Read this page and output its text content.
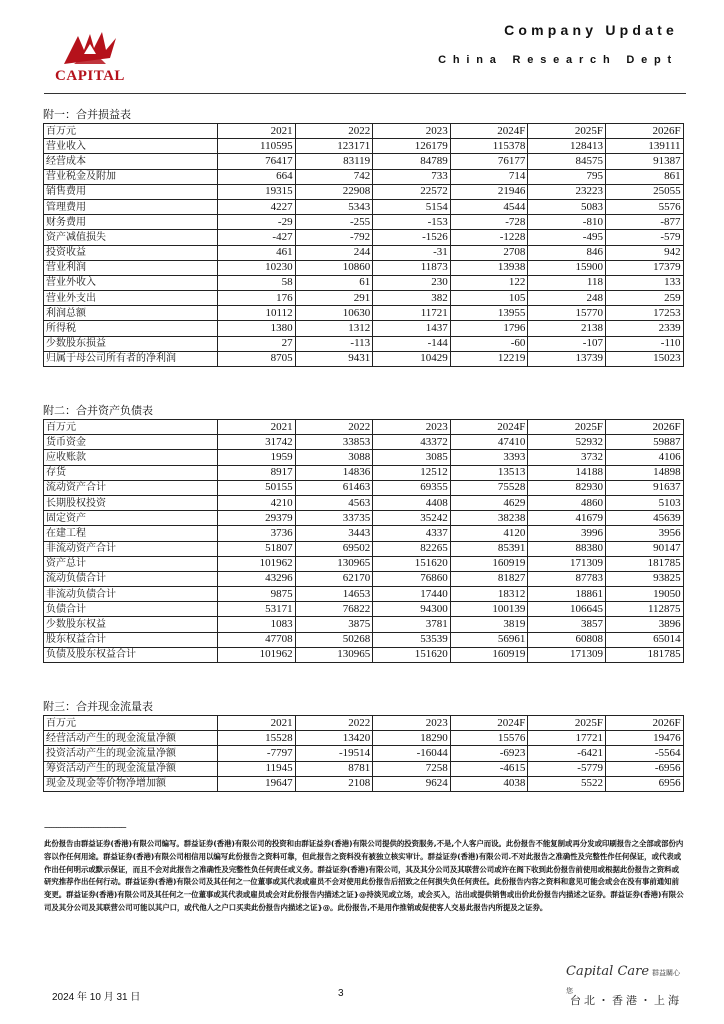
CAPITAL
Company Update
China Research Dept
附一：合并损益表
百万元	2021	2022	2023	2024F	2025F	2026F
营业收入	110595	123171	126179	115378	128413	139111
经营成本	76417	83119	84789	76177	84575	91387
营业税金及附加	664	742	733	714	795	861
销售费用	19315	22908	22572	21946	23223	25055
管理费用	4227	5343	5154	4544	5083	5576
财务费用	-29	-255	-153	-728	-810	-877
资产减值损失	-427	-792	-1526	-1228	-495	-579
投资收益	461	244	-31	2708	846	942
营业利润	10230	10860	11873	13938	15900	17379
营业外收入	58	61	230	122	118	133
营业外支出	176	291	382	105	248	259
利润总额	10112	10630	11721	13955	15770	17253
所得税	1380	1312	1437	1796	2138	2339
少数股东损益	27	-113	-144	-60	-107	-110
归属于母公司所有者的净利润	8705	9431	10429	12219	13739	15023
附二：合并资产负债表
百万元	2021	2022	2023	2024F	2025F	2026F
货币资金	31742	33853	43372	47410	52932	59887
应收账款	1959	3088	3085	3393	3732	4106
存货	8917	14836	12512	13513	14188	14898
流动资产合计	50155	61463	69355	75528	82930	91637
长期股权投资	4210	4563	4408	4629	4860	5103
固定资产	29379	33735	35242	38238	41679	45639
在建工程	3736	3443	4337	4120	3996	3956
非流动资产合计	51807	69502	82265	85391	88380	90147
资产总计	101962	130965	151620	160919	171309	181785
流动负债合计	43296	62170	76860	81827	87783	93825
非流动负债合计	9875	14653	17440	18312	18861	19050
负债合计	53171	76822	94300	100139	106645	112875
少数股东权益	1083	3875	3781	3819	3857	3896
股东权益合计	47708	50268	53539	56961	60808	65014
负债及股东权益合计	101962	130965	151620	160919	171309	181785
附三：合并现金流量表
百万元	2021	2022	2023	2024F	2025F	2026F
经营活动产生的现金流量净额	15528	13420	18290	15576	17721	19476
投资活动产生的现金流量净额	-7797	-19514	-16044	-6923	-6421	-5564
筹资活动产生的现金流量净额	11945	8781	7258	-4615	-5779	-6956
现金及现金等价物净增加额	19647	2108	9624	4038	5522	6956
-----------------------------------
此份报告由群益证券(香港)有限公司编写。群益证券(香港)有限公司的投资和由群证益券(香港)有限公司提供的投资服务,不是,个人客户而设。此份报告不能复制或再分发或印刷报告之全部或部份内容以作任何用途。群益证券(香港)有限公司相信用以编写此份报告之资料可靠，但此报告之资料没有被独立核实审计。群益证券(香港)有限公司.不对此报告之准确性及完整性作任何保证，或代表或作出任何明示或默示保证，而且不会对此报告之准确性及完整性负任何责任或义务。群益证券(香港)有限公司，其及其分公司及其联营公司或许在阁下收到此份报告前使用或根据此份报告之资料或研究推荐作出任何行动。群益证券(香港)有限公司及其任何之一位董事或其代表或雇员不会对使用此份报告后招致之任何损失负任何责任。此份报告内容之资料和意见可能会或会在没有事前通知前变更。群益证券(香港)有限公司及其任何之一位董事或其代表或雇员或会对此份报告内描述之证}@持淡见或立场，或会买入，沽出或提供销售或出价此份报告内描述之证券。群益证券(香港)有限公司及其分公司及其联营公司可能以其户口，或代他人之户口买卖此份报告内描述之证}@。此份报告,不是用作推销或促使客人交易此报告内所提及之证券。
2024 年 10 月 31 日	3
Capital Care 群益關心您
台北・香港・上海
